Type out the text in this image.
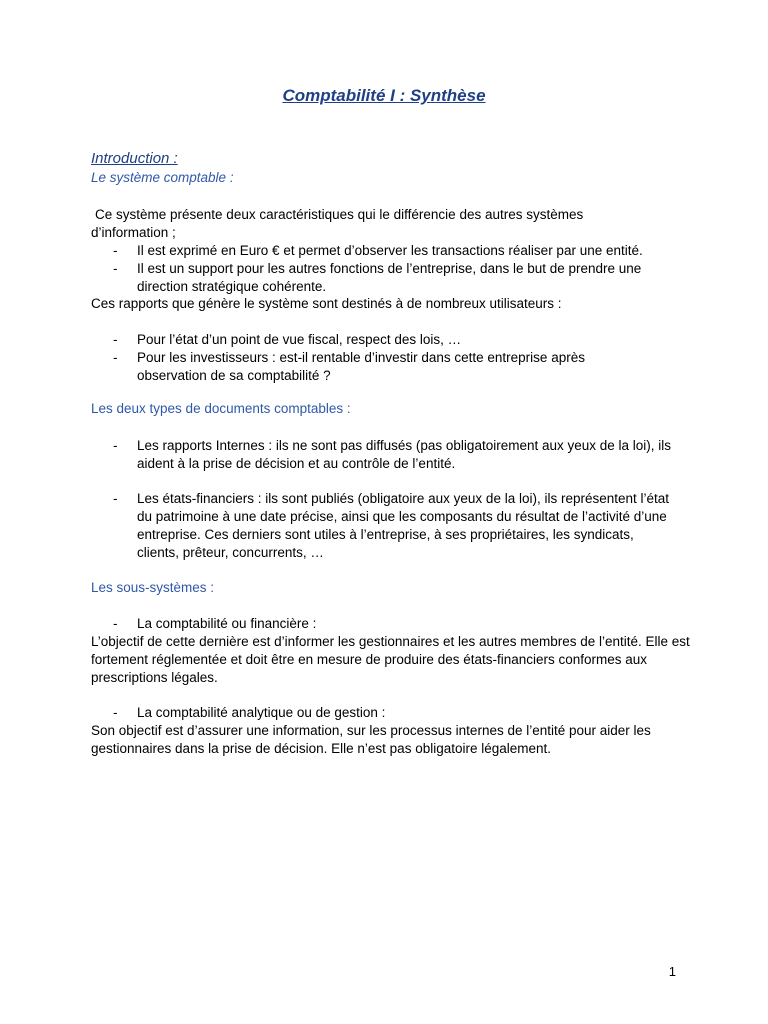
Comptabilité I : Synthèse
Introduction :
Le système comptable :
Ce système présente deux caractéristiques qui le différencie des autres systèmes d’information ;
- Il est exprimé en Euro € et permet d’observer les transactions réaliser par une entité.
- Il est un support pour les autres fonctions de l’entreprise, dans le but de prendre une direction stratégique cohérente.
Ces rapports que génère le système sont destinés à de nombreux utilisateurs :
- Pour l’état d’un point de vue fiscal, respect des lois, …
- Pour les investisseurs : est-il rentable d’investir dans cette entreprise après observation de sa comptabilité ?
Les deux types de documents comptables :
- Les rapports Internes : ils ne sont pas diffusés (pas obligatoirement aux yeux de la loi), ils aident à la prise de décision et au contrôle de l’entité.
- Les états-financiers : ils sont publiés (obligatoire aux yeux de la loi), ils représentent l’état du patrimoine à une date précise, ainsi que les composants du résultat de l’activité d’une entreprise. Ces derniers sont utiles à l’entreprise, à ses propriétaires, les syndicats, clients, prêteur, concurrents, …
Les sous-systèmes :
- La comptabilité ou financière :
L’objectif de cette dernière est d’informer les gestionnaires et les autres membres de l’entité. Elle est fortement réglementée et doit être en mesure de produire des états-financiers conformes aux prescriptions légales.
- La comptabilité analytique ou de gestion :
Son objectif est d’assurer une information, sur les processus internes de l’entité pour aider les gestionnaires dans la prise de décision. Elle n’est pas obligatoire légalement.
1
